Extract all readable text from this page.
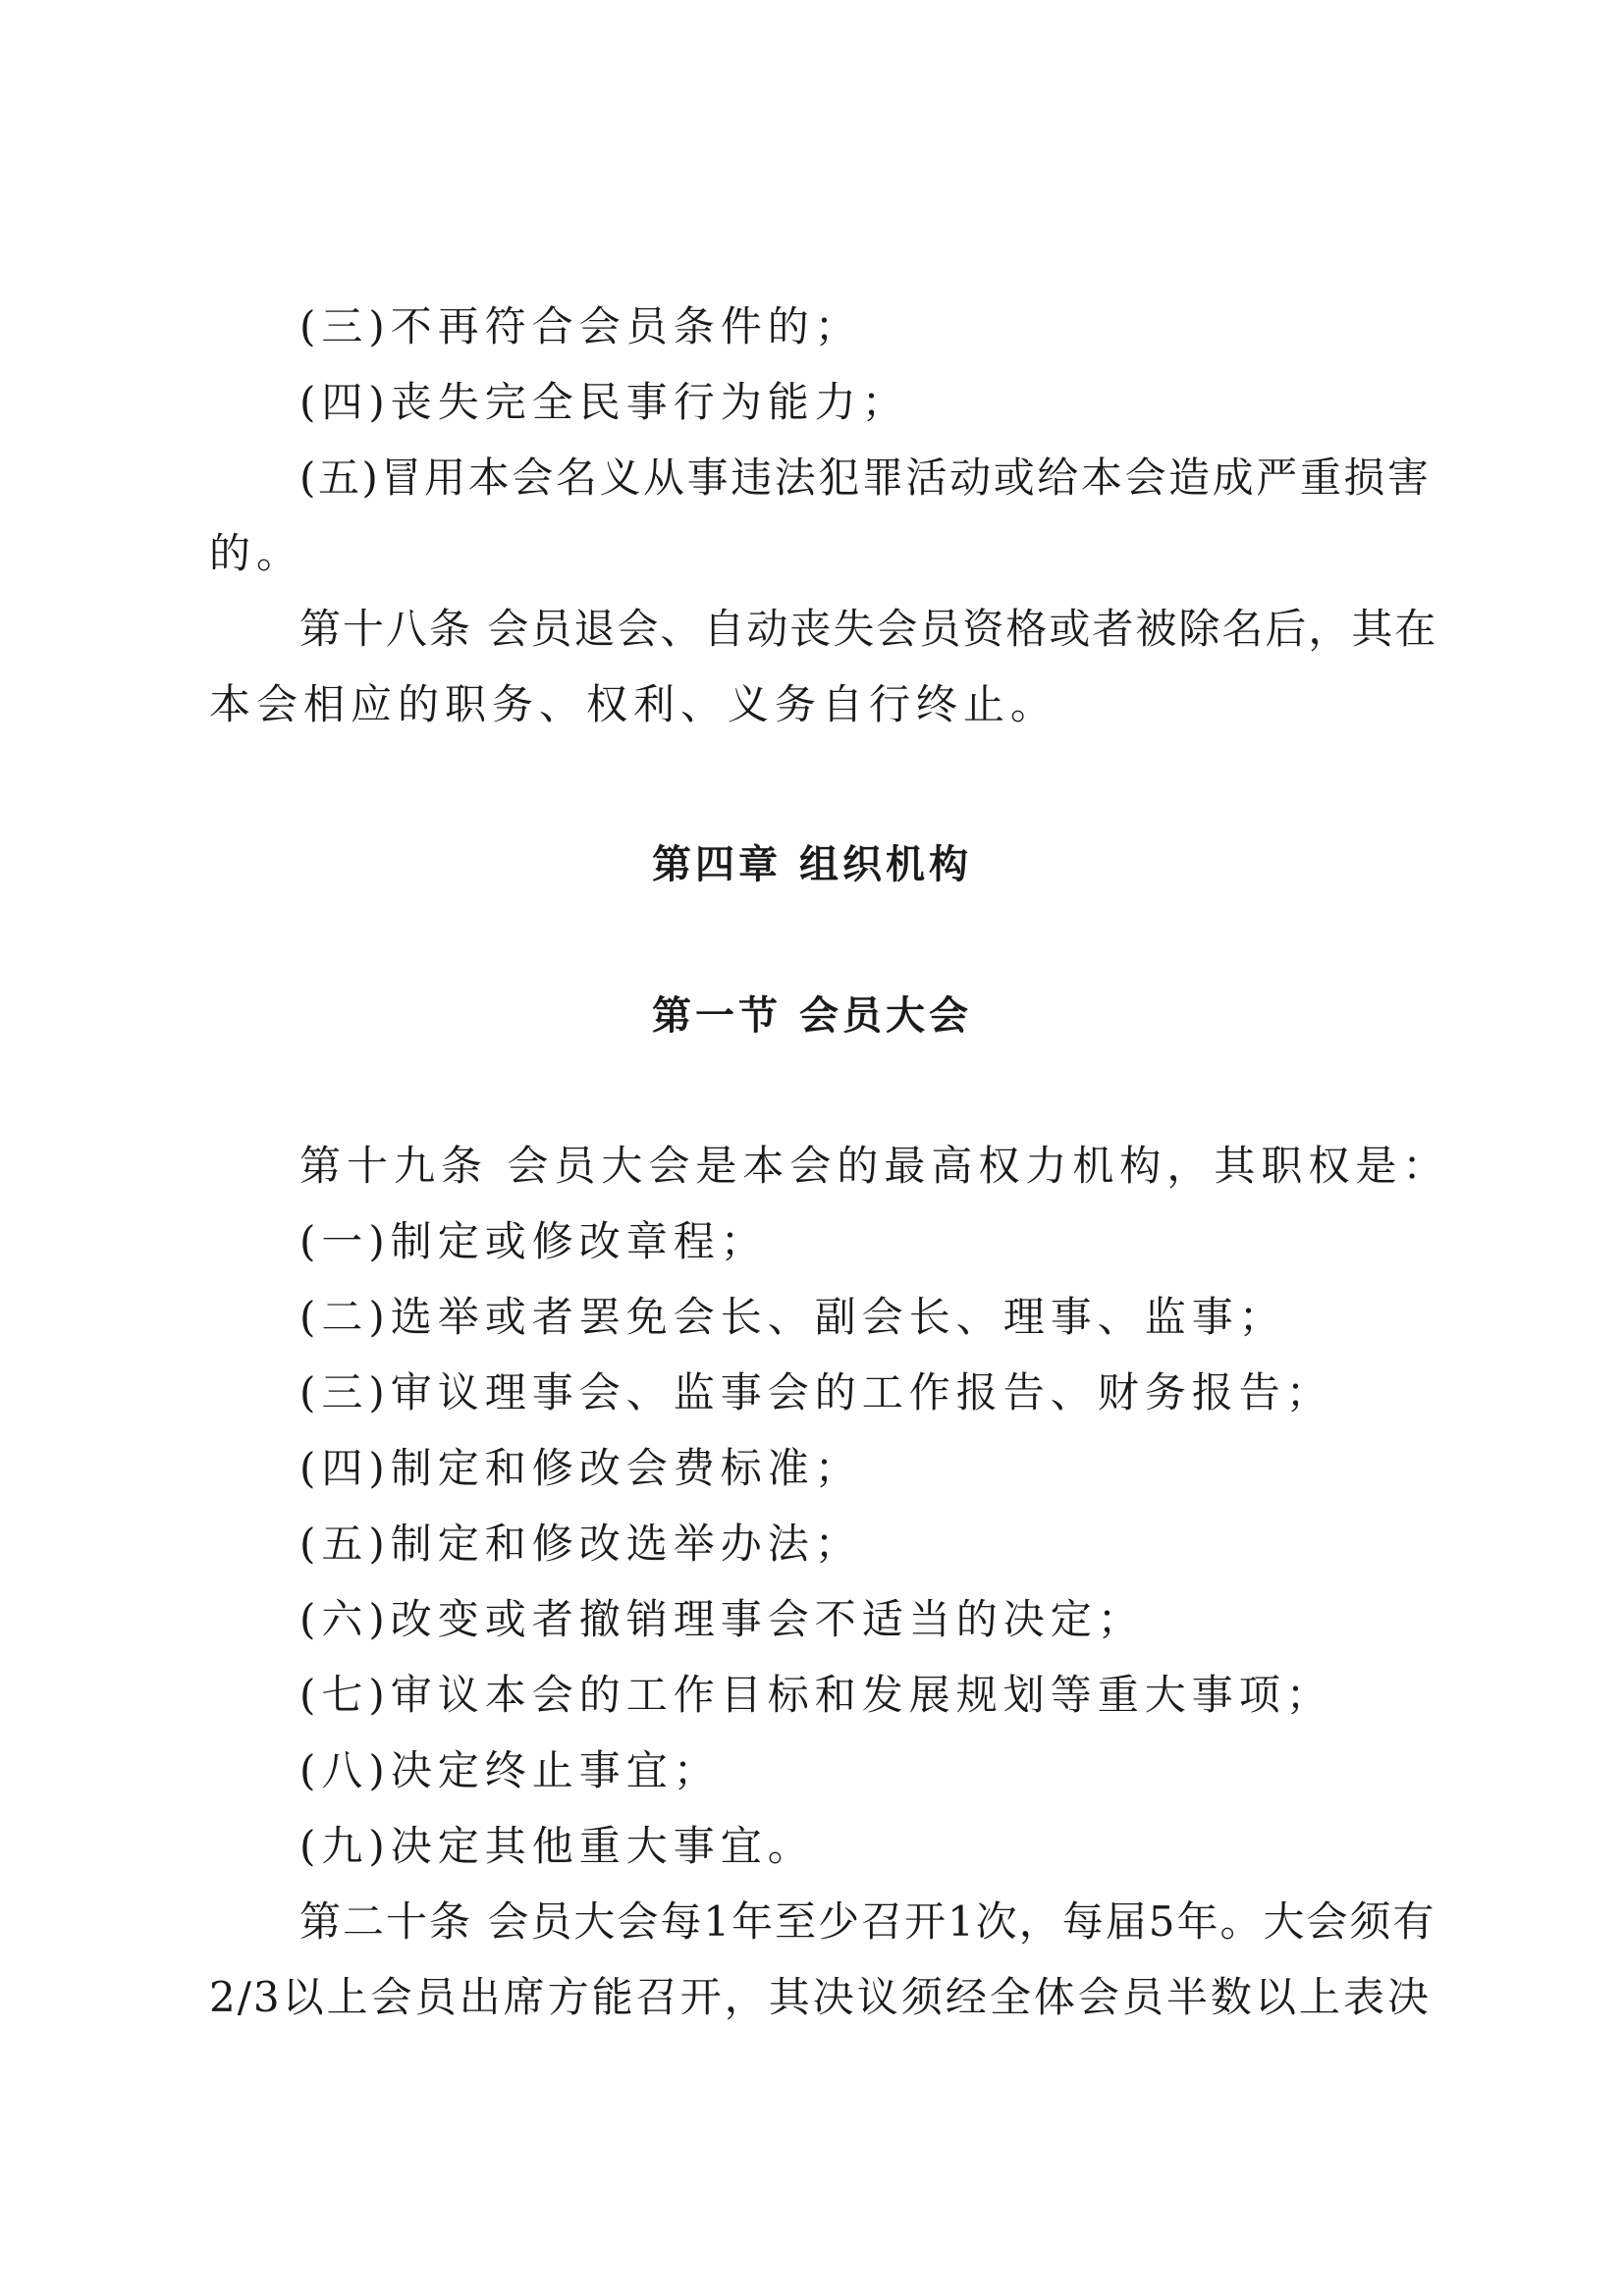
(三)不再符合会员条件的；
(四)丧失完全民事行为能力；
(五)冒用本会名义从事违法犯罪活动或给本会造成严重损害
的。
第十八条 会员退会、自动丧失会员资格或者被除名后，其在
本会相应的职务、权利、义务自行终止。
第四章 组织机构
第一节 会员大会
第十九条 会员大会是本会的最高权力机构，其职权是：
(一)制定或修改章程；
(二)选举或者罢免会长、副会长、理事、监事；
(三)审议理事会、监事会的工作报告、财务报告；
(四)制定和修改会费标准；
(五)制定和修改选举办法；
(六)改变或者撤销理事会不适当的决定；
(七)审议本会的工作目标和发展规划等重大事项；
(八)决定终止事宜；
(九)决定其他重大事宜。
第二十条 会员大会每1年至少召开1次，每届5年。大会须有
2/3以上会员出席方能召开，其决议须经全体会员半数以上表决
